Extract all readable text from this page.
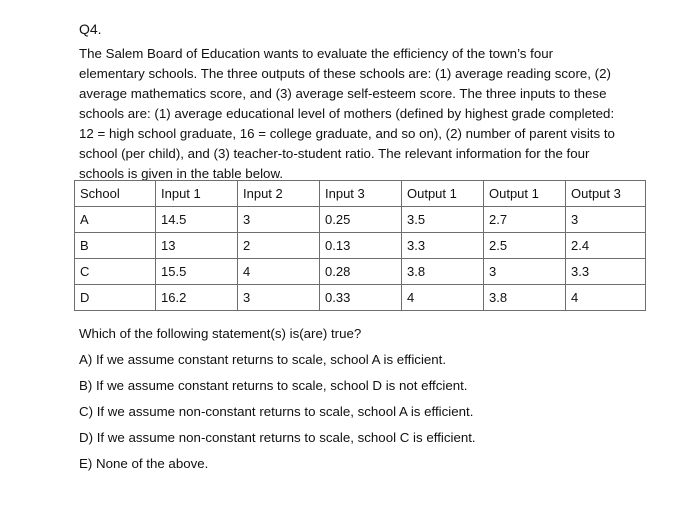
Q4.
The Salem Board of Education wants to evaluate the efficiency of the town’s four
elementary schools. The three outputs of these schools are: (1) average reading score, (2)
average mathematics score, and (3) average self-esteem score. The three inputs to these
schools are: (1) average educational level of mothers (defined by highest grade completed:
12 = high school graduate, 16 = college graduate, and so on), (2) number of parent visits to
school (per child), and (3) teacher-to-student ratio. The relevant information for the four
schools is given in the table below.
School	Input 1	Input 2	Input 3	Output 1	Output 1	Output 3
A	14.5	3	0.25	3.5	2.7	3
B	13	2	0.13	3.3	2.5	2.4
C	15.5	4	0.28	3.8	3	3.3
D	16.2	3	0.33	4	3.8	4
Which of the following statement(s) is(are) true?
A) If we assume constant returns to scale, school A is efficient.
B) If we assume constant returns to scale, school D is not effcient.
C) If we assume non-constant returns to scale, school A is efficient.
D) If we assume non-constant returns to scale, school C is efficient.
E) None of the above.
